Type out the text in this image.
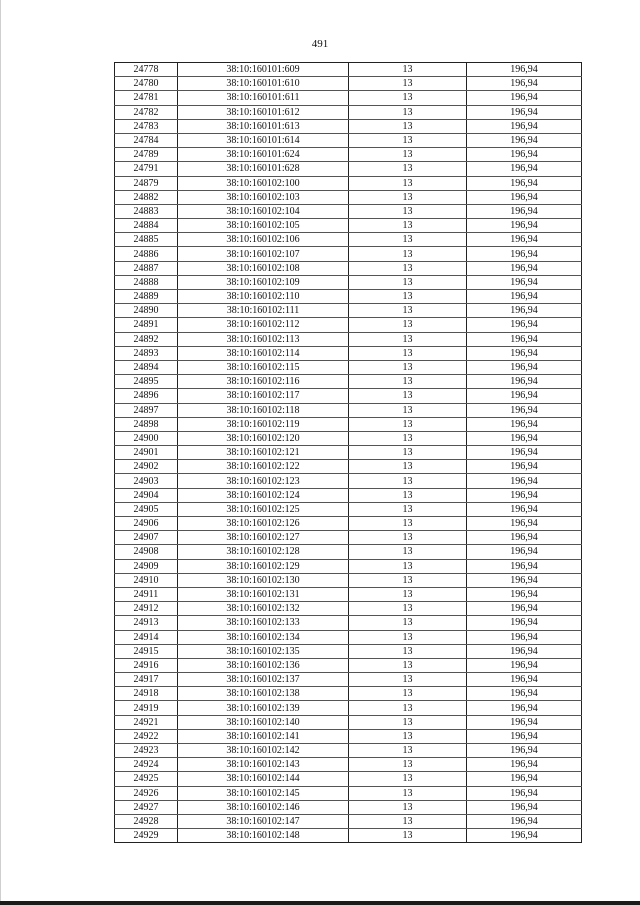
491
24778	38:10:160101:609	13	196,94
24780	38:10:160101:610	13	196,94
24781	38:10:160101:611	13	196,94
24782	38:10:160101:612	13	196,94
24783	38:10:160101:613	13	196,94
24784	38:10:160101:614	13	196,94
24789	38:10:160101:624	13	196,94
24791	38:10:160101:628	13	196,94
24879	38:10:160102:100	13	196,94
24882	38:10:160102:103	13	196,94
24883	38:10:160102:104	13	196,94
24884	38:10:160102:105	13	196,94
24885	38:10:160102:106	13	196,94
24886	38:10:160102:107	13	196,94
24887	38:10:160102:108	13	196,94
24888	38:10:160102:109	13	196,94
24889	38:10:160102:110	13	196,94
24890	38:10:160102:111	13	196,94
24891	38:10:160102:112	13	196,94
24892	38:10:160102:113	13	196,94
24893	38:10:160102:114	13	196,94
24894	38:10:160102:115	13	196,94
24895	38:10:160102:116	13	196,94
24896	38:10:160102:117	13	196,94
24897	38:10:160102:118	13	196,94
24898	38:10:160102:119	13	196,94
24900	38:10:160102:120	13	196,94
24901	38:10:160102:121	13	196,94
24902	38:10:160102:122	13	196,94
24903	38:10:160102:123	13	196,94
24904	38:10:160102:124	13	196,94
24905	38:10:160102:125	13	196,94
24906	38:10:160102:126	13	196,94
24907	38:10:160102:127	13	196,94
24908	38:10:160102:128	13	196,94
24909	38:10:160102:129	13	196,94
24910	38:10:160102:130	13	196,94
24911	38:10:160102:131	13	196,94
24912	38:10:160102:132	13	196,94
24913	38:10:160102:133	13	196,94
24914	38:10:160102:134	13	196,94
24915	38:10:160102:135	13	196,94
24916	38:10:160102:136	13	196,94
24917	38:10:160102:137	13	196,94
24918	38:10:160102:138	13	196,94
24919	38:10:160102:139	13	196,94
24921	38:10:160102:140	13	196,94
24922	38:10:160102:141	13	196,94
24923	38:10:160102:142	13	196,94
24924	38:10:160102:143	13	196,94
24925	38:10:160102:144	13	196,94
24926	38:10:160102:145	13	196,94
24927	38:10:160102:146	13	196,94
24928	38:10:160102:147	13	196,94
24929	38:10:160102:148	13	196,94
